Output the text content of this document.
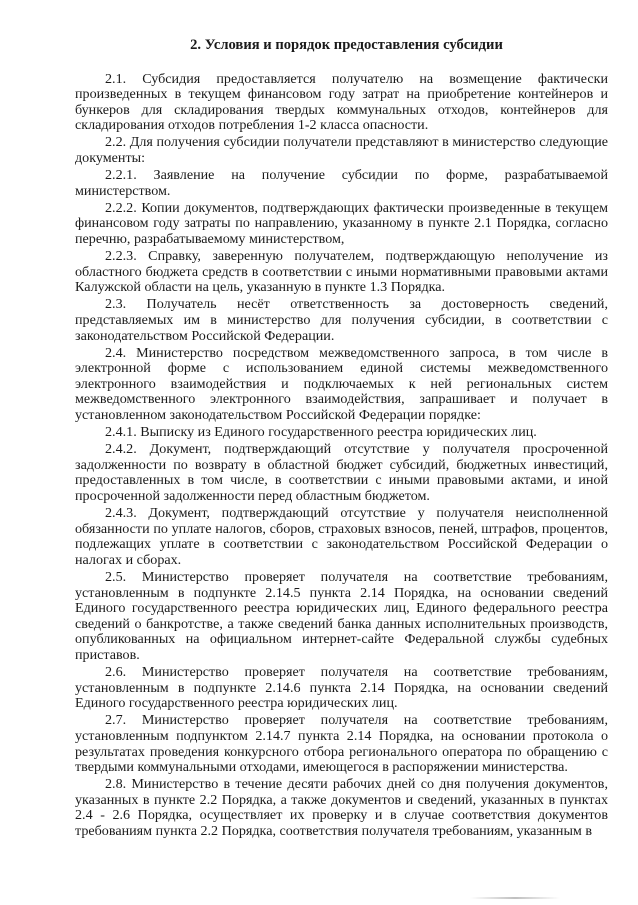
2. Условия и порядок предоставления субсидии

2.1. Субсидия предоставляется получателю на возмещение фактически произведенных в текущем финансовом году затрат на приобретение контейнеров и бункеров для складирования твердых коммунальных отходов, контейнеров для складирования отходов потребления 1-2 класса опасности.

2.2. Для получения субсидии получатели представляют в министерство следующие документы:

2.2.1. Заявление на получение субсидии по форме, разрабатываемой министерством.

2.2.2. Копии документов, подтверждающих фактически произведенные в текущем финансовом году затраты по направлению, указанному в пункте 2.1 Порядка, согласно перечню, разрабатываемому министерством,

2.2.3. Справку, заверенную получателем, подтверждающую неполучение из областного бюджета средств в соответствии с иными нормативными правовыми актами Калужской области на цель, указанную в пункте 1.3 Порядка.

2.3. Получатель несёт ответственность за достоверность сведений, представляемых им в министерство для получения субсидии, в соответствии с законодательством Российской Федерации.

2.4. Министерство посредством межведомственного запроса, в том числе в электронной форме с использованием единой системы межведомственного электронного взаимодействия и подключаемых к ней региональных систем межведомственного электронного взаимодействия, запрашивает и получает в установленном законодательством Российской Федерации порядке:

2.4.1. Выписку из Единого государственного реестра юридических лиц.

2.4.2. Документ, подтверждающий отсутствие у получателя просроченной задолженности по возврату в областной бюджет субсидий, бюджетных инвестиций, предоставленных в том числе, в соответствии с иными правовыми актами, и иной просроченной задолженности перед областным бюджетом.

2.4.3. Документ, подтверждающий отсутствие у получателя неисполненной обязанности по уплате налогов, сборов, страховых взносов, пеней, штрафов, процентов, подлежащих уплате в соответствии с законодательством Российской Федерации о налогах и сборах.

2.5. Министерство проверяет получателя на соответствие требованиям, установленным в подпункте 2.14.5 пункта 2.14 Порядка, на основании сведений Единого государственного реестра юридических лиц, Единого федерального реестра сведений о банкротстве, а также сведений банка данных исполнительных производств, опубликованных на официальном интернет-сайте Федеральной службы судебных приставов.

2.6. Министерство проверяет получателя на соответствие требованиям, установленным в подпункте 2.14.6 пункта 2.14 Порядка, на основании сведений Единого государственного реестра юридических лиц.

2.7. Министерство проверяет получателя на соответствие требованиям, установленным подпунктом 2.14.7 пункта 2.14 Порядка, на основании протокола о результатах проведения конкурсного отбора регионального оператора по обращению с твердыми коммунальными отходами, имеющегося в распоряжении министерства.

2.8. Министерство в течение десяти рабочих дней со дня получения документов, указанных в пункте 2.2 Порядка, а также документов и сведений, указанных в пунктах 2.4 - 2.6 Порядка, осуществляет их проверку и в случае соответствия документов требованиям пункта 2.2 Порядка, соответствия получателя требованиям, указанным в
